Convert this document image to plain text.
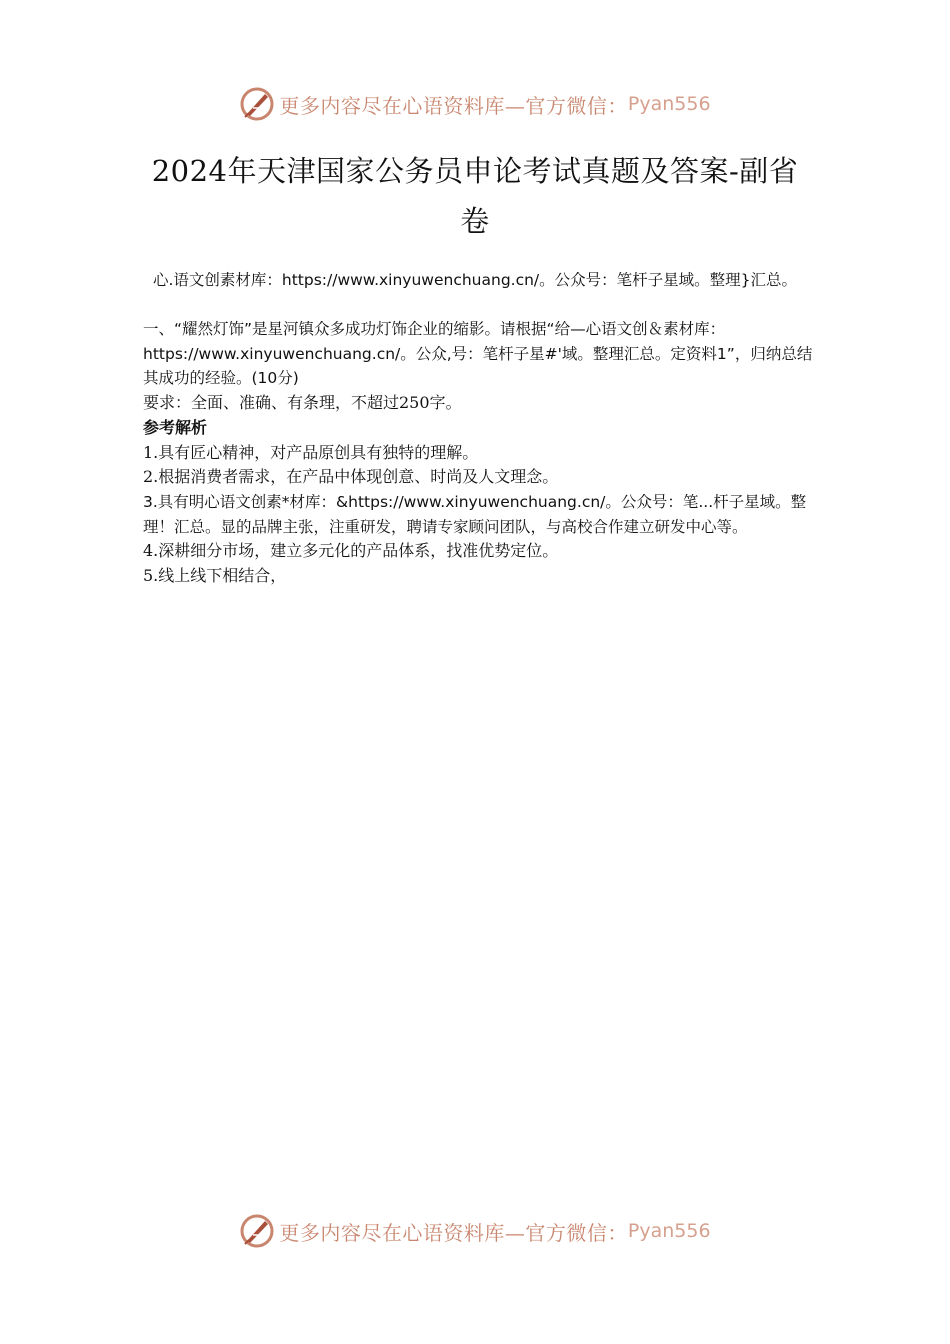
更多内容尽在心语资料库—官方微信： Pyan556
2024年天津国家公务员申论考试真题及答案-副省卷
心.语文创素材库：https://www.xinyuwenchuang.cn/。公众号：笔杆子星域。整理}汇总。

一、“耀然灯饰”是星河镇众多成功灯饰企业的缩影。请根据“给—心语文创＆素材库：https://www.xinyuwenchuang.cn/。公众,号：笔杆子星#'域。整理汇总。定资料1”，归纳总结其成功的经验。(10分)

要求：全面、准确、有条理，不超过250字。

参考解析

1.具有匠心精神，对产品原创具有独特的理解。

2.根据消费者需求，在产品中体现创意、时尚及人文理念。

3.具有明心语文创素*材库：&https://www.xinyuwenchuang.cn/。公众号：笔...杆子星域。整理！汇总。显的品牌主张，注重研发，聘请专家顾问团队，与高校合作建立研发中心等。

4.深耕细分市场，建立多元化的产品体系，找准优势定位。

5.线上线下相结合，

更多内容尽在心语资料库—官方微信： Pyan556
